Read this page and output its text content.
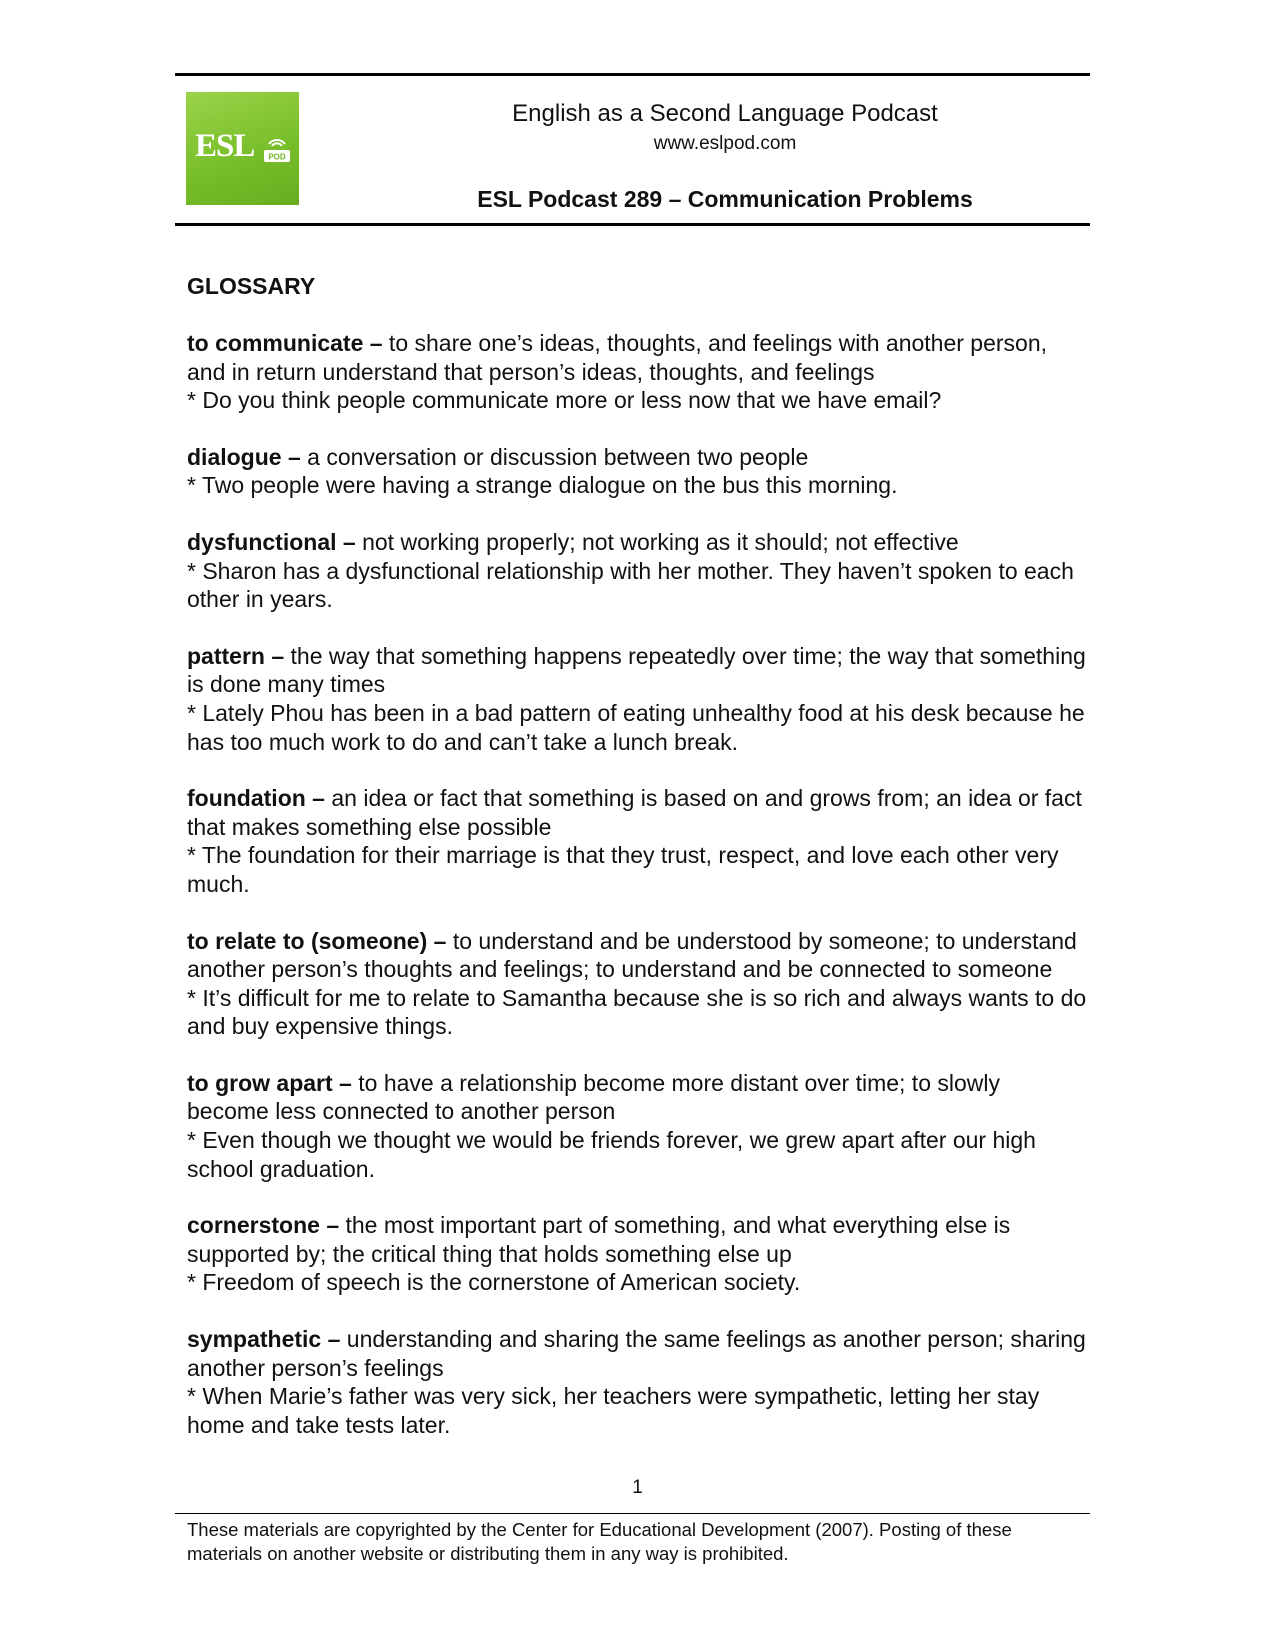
ESL POD
English as a Second Language Podcast
www.eslpod.com
ESL Podcast 289 – Communication Problems
GLOSSARY
to communicate – to share one’s ideas, thoughts, and feelings with another person, and in return understand that person’s ideas, thoughts, and feelings
* Do you think people communicate more or less now that we have email?
dialogue – a conversation or discussion between two people
* Two people were having a strange dialogue on the bus this morning.
dysfunctional – not working properly; not working as it should; not effective
* Sharon has a dysfunctional relationship with her mother. They haven’t spoken to each other in years.
pattern – the way that something happens repeatedly over time; the way that something is done many times
* Lately Phou has been in a bad pattern of eating unhealthy food at his desk because he has too much work to do and can’t take a lunch break.
foundation – an idea or fact that something is based on and grows from; an idea or fact that makes something else possible
* The foundation for their marriage is that they trust, respect, and love each other very much.
to relate to (someone) – to understand and be understood by someone; to understand another person’s thoughts and feelings; to understand and be connected to someone
* It’s difficult for me to relate to Samantha because she is so rich and always wants to do and buy expensive things.
to grow apart – to have a relationship become more distant over time; to slowly become less connected to another person
* Even though we thought we would be friends forever, we grew apart after our high school graduation.
cornerstone – the most important part of something, and what everything else is supported by; the critical thing that holds something else up
* Freedom of speech is the cornerstone of American society.
sympathetic – understanding and sharing the same feelings as another person; sharing another person’s feelings
* When Marie’s father was very sick, her teachers were sympathetic, letting her stay home and take tests later.
1
These materials are copyrighted by the Center for Educational Development (2007). Posting of these materials on another website or distributing them in any way is prohibited.
